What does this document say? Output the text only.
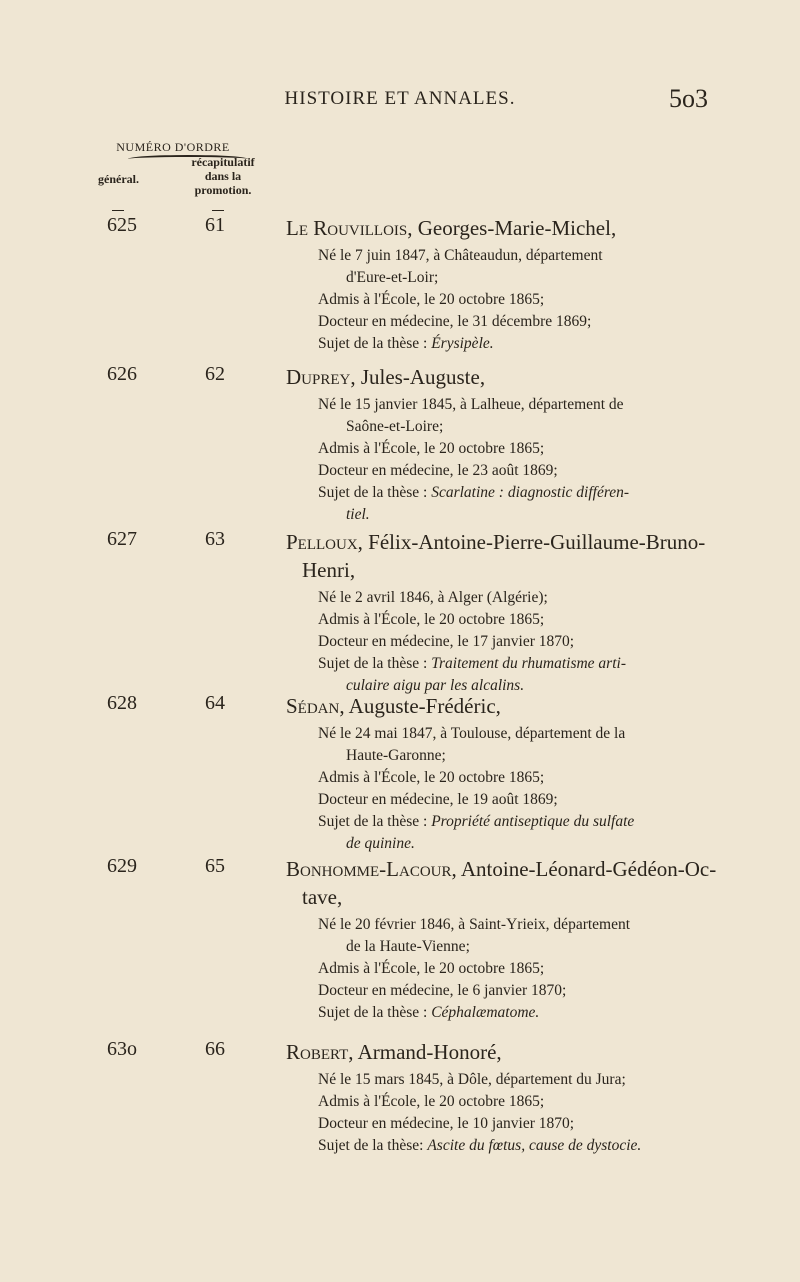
HISTOIRE ET ANNALES.	5o3
NUMÉRO D'ORDRE
général.
récapitulatif
dans la
promotion.
625	61	Le Rouvillois, Georges-Marie-Michel,

Né le 7 juin 1847, à Châteaudun, département

d'Eure-et-Loir;

Admis à l'École, le 20 octobre 1865;

Docteur en médecine, le 31 décembre 1869;

Sujet de la thèse : Érysipèle.

626	62	Duprey, Jules-Auguste,

Né le 15 janvier 1845, à Lalheue, département de

Saône-et-Loire;

Admis à l'École, le 20 octobre 1865;

Docteur en médecine, le 23 août 1869;

Sujet de la thèse : Scarlatine : diagnostic différen-

tiel.

627	63	Pelloux, Félix-Antoine-Pierre-Guillaume-Bruno-
Henri,

Né le 2 avril 1846, à Alger (Algérie);

Admis à l'École, le 20 octobre 1865;

Docteur en médecine, le 17 janvier 1870;

Sujet de la thèse : Traitement du rhumatisme arti-

culaire aigu par les alcalins.

628	64	Sédan, Auguste-Frédéric,

Né le 24 mai 1847, à Toulouse, département de la

Haute-Garonne;

Admis à l'École, le 20 octobre 1865;

Docteur en médecine, le 19 août 1869;

Sujet de la thèse : Propriété antiseptique du sulfate

de quinine.

629	65	Bonhomme-Lacour, Antoine-Léonard-Gédéon-Oc-
tave,

Né le 20 février 1846, à Saint-Yrieix, département

de la Haute-Vienne;

Admis à l'École, le 20 octobre 1865;

Docteur en médecine, le 6 janvier 1870;

Sujet de la thèse : Céphalæmatome.

63o	66	Robert, Armand-Honoré,

Né le 15 mars 1845, à Dôle, département du Jura;

Admis à l'École, le 20 octobre 1865;

Docteur en médecine, le 10 janvier 1870;

Sujet de la thèse: Ascite du fœtus, cause de dystocie.
